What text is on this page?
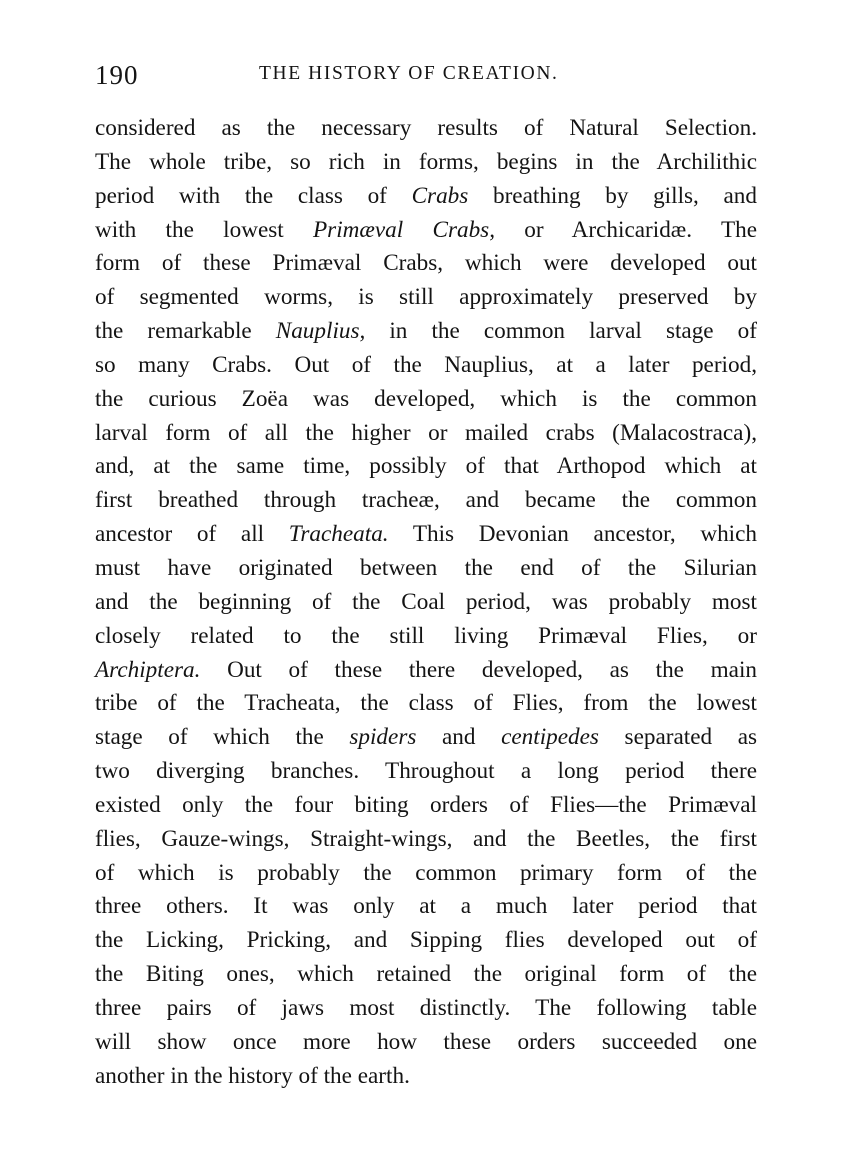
190	THE HISTORY OF CREATION.
considered as the necessary results of Natural Selection.
The whole tribe, so rich in forms, begins in the Archilithic
period with the class of Crabs breathing by gills, and
with the lowest Primæval Crabs, or Archicaridæ. The
form of these Primæval Crabs, which were developed out
of segmented worms, is still approximately preserved by
the remarkable Nauplius, in the common larval stage of
so many Crabs. Out of the Nauplius, at a later period,
the curious Zoëa was developed, which is the common
larval form of all the higher or mailed crabs (Malacostraca),
and, at the same time, possibly of that Arthopod which at
first breathed through tracheæ, and became the common
ancestor of all Tracheata. This Devonian ancestor, which
must have originated between the end of the Silurian
and the beginning of the Coal period, was probably most
closely related to the still living Primæval Flies, or
Archiptera. Out of these there developed, as the main
tribe of the Tracheata, the class of Flies, from the lowest
stage of which the spiders and centipedes separated as
two diverging branches. Throughout a long period there
existed only the four biting orders of Flies—the Primæval
flies, Gauze-wings, Straight-wings, and the Beetles, the first
of which is probably the common primary form of the
three others. It was only at a much later period that
the Licking, Pricking, and Sipping flies developed out of
the Biting ones, which retained the original form of the
three pairs of jaws most distinctly. The following table
will show once more how these orders succeeded one
another in the history of the earth.
